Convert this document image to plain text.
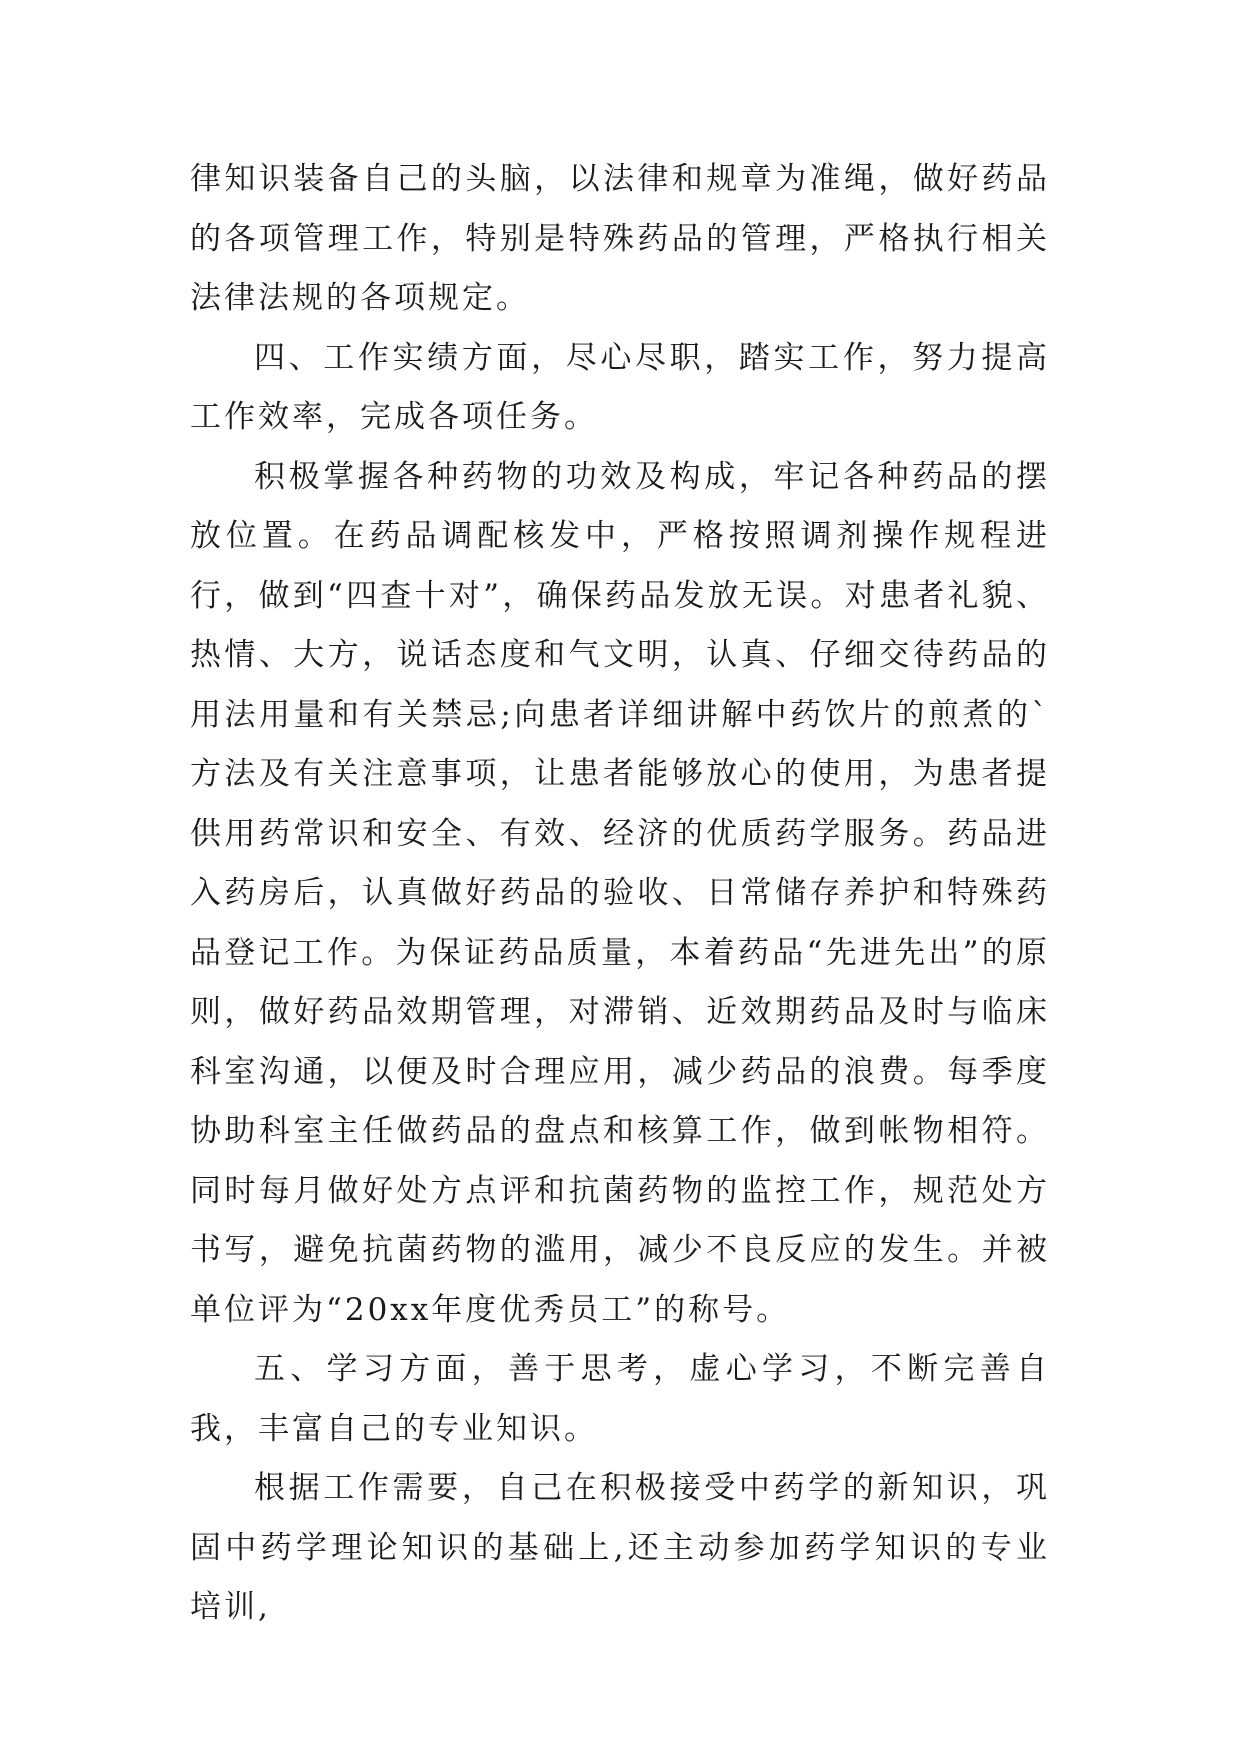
律知识装备自己的头脑，以法律和规章为准绳，做好药品的各项管理工作，特别是特殊药品的管理，严格执行相关法律法规的各项规定。

四、工作实绩方面，尽心尽职，踏实工作，努力提高工作效率，完成各项任务。

积极掌握各种药物的功效及构成，牢记各种药品的摆放位置。在药品调配核发中，严格按照调剂操作规程进行，做到“四查十对”，确保药品发放无误。对患者礼貌、热情、大方，说话态度和气文明，认真、仔细交待药品的用法用量和有关禁忌;向患者详细讲解中药饮片的煎煮的`方法及有关注意事项，让患者能够放心的使用，为患者提供用药常识和安全、有效、经济的优质药学服务。药品进入药房后，认真做好药品的验收、日常储存养护和特殊药品登记工作。为保证药品质量，本着药品“先进先出”的原则，做好药品效期管理，对滞销、近效期药品及时与临床科室沟通，以便及时合理应用，减少药品的浪费。每季度协助科室主任做药品的盘点和核算工作，做到帐物相符。同时每月做好处方点评和抗菌药物的监控工作，规范处方书写，避免抗菌药物的滥用，减少不良反应的发生。并被单位评为“20xx年度优秀员工”的称号。

五、学习方面，善于思考，虚心学习，不断完善自我，丰富自己的专业知识。

根据工作需要，自己在积极接受中药学的新知识，巩固中药学理论知识的基础上,还主动参加药学知识的专业培训,
